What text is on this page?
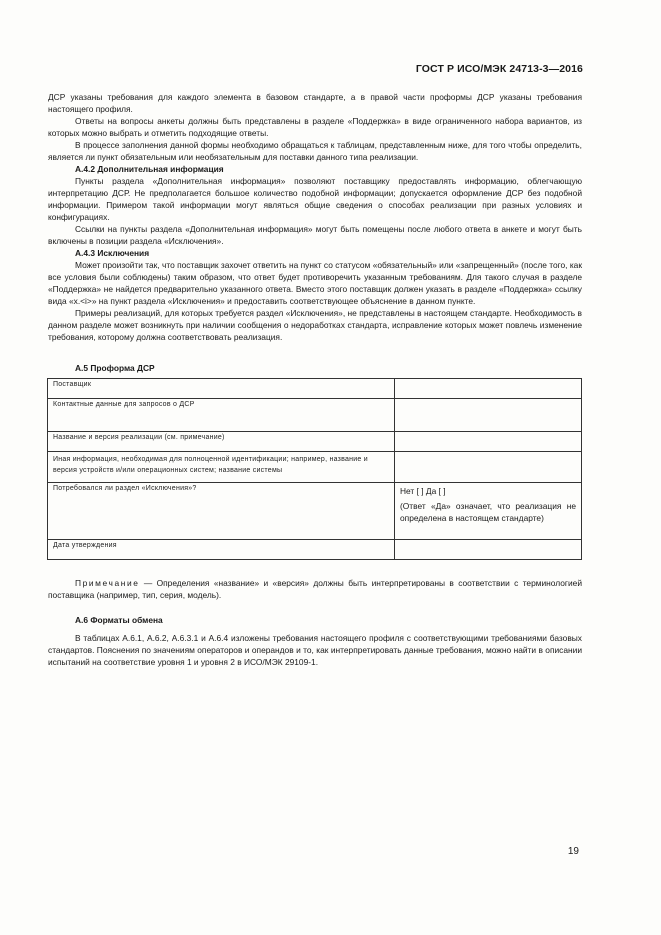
ГОСТ Р ИСО/МЭК 24713-3—2016

ДСР указаны требования для каждого элемента в базовом стандарте, а в правой части проформы ДСР указаны требования настоящего профиля.

Ответы на вопросы анкеты должны быть представлены в разделе «Поддержка» в виде ограниченного набора вариантов, из которых можно выбрать и отметить подходящие ответы.

В процессе заполнения данной формы необходимо обращаться к таблицам, представленным ниже, для того чтобы определить, является ли пункт обязательным или необязательным для поставки данного типа реализации.

А.4.2 Дополнительная информация

Пункты раздела «Дополнительная информация» позволяют поставщику предоставлять информацию, облегчающую интерпретацию ДСР. Не предполагается большое количество подобной информации; допускается оформление ДСР без подобной информации. Примером такой информации могут являться общие сведения о способах реализации при разных условиях и конфигурациях.

Ссылки на пункты раздела «Дополнительная информация» могут быть помещены после любого ответа в анкете и могут быть включены в позиции раздела «Исключения».

А.4.3 Исключения

Может произойти так, что поставщик захочет ответить на пункт со статусом «обязательный» или «запрещенный» (после того, как все условия были соблюдены) таким образом, что ответ будет противоречить указанным требованиям. Для такого случая в разделе «Поддержка» не найдется предварительно указанного ответа. Вместо этого поставщик должен указать в разделе «Поддержка» ссылку вида «х.<i>» на пункт раздела «Исключения» и предоставить соответствующее объяснение в данном пункте.

Примеры реализаций, для которых требуется раздел «Исключения», не представлены в настоящем стандарте. Необходимость в данном разделе может возникнуть при наличии сообщения о недоработках стандарта, исправление которых может повлечь изменение требования, которому должна соответствовать реализация.

А.5 Проформа ДСР
Поставщик	
Контактные данные для запросов о ДСР	
Название и версия реализации (см. примечание)	
Иная информация, необходимая для полноценной идентификации; например, название и версия устройств и/или операционных систем; название системы	
Потребовался ли раздел «Исключения»?	Нет [ ] Да [ ]
(Ответ «Да» означает, что реализация не определена в настоящем стандарте)

Дата утверждения	

Примечание — Определения «название» и «версия» должны быть интерпретированы в соответствии с терминологией поставщика (например, тип, серия, модель).

А.6 Форматы обмена

В таблицах А.6.1, А.6.2, А.6.3.1 и А.6.4 изложены требования настоящего профиля с соответствующими требованиями базовых стандартов. Пояснения по значениям операторов и операндов и то, как интерпретировать данные требования, можно найти в описании испытаний на соответствие уровня 1 и уровня 2 в ИСО/МЭК 29109-1.

19
